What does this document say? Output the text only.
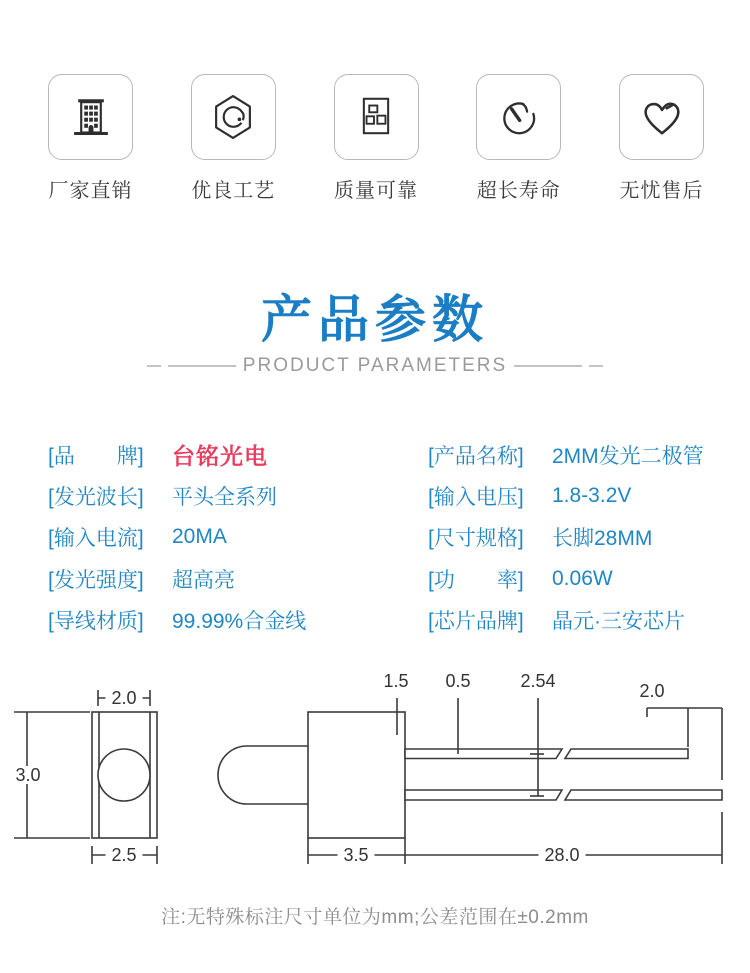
厂家直销	优良工艺	质量可靠	超长寿命	无忧售后
产品参数
PRODUCT PARAMETERS
[品　　牌]	台铭光电
[发光波长]	平头全系列
[输入电流]	20MA
[发光强度]	超高亮
[导线材质]	99.99%合金线
[产品名称]	2MM发光二极管
[输入电压]	1.8-3.2V
[尺寸规格]	长脚28MM
[功　　率]	0.06W
[芯片品牌]	晶元·三安芯片
2.0
3.0
2.5
1.5 0.5	2.54	2.0
3.5	28.0
注:无特殊标注尺寸单位为mm;公差范围在±0.2mm
